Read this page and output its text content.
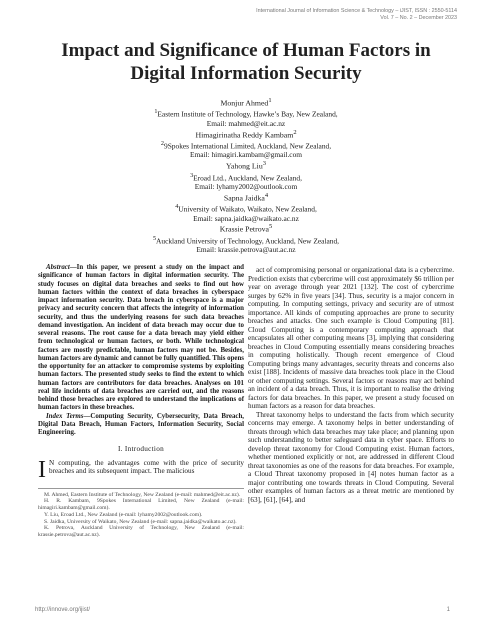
International Journal of Information Science & Technology – iJIST, ISSN : 2550-5114
Vol. 7 – No. 2 – December 2023
Impact and Significance of Human Factors in Digital Information Security
Monjur Ahmed$^1$
$^1$Eastern Institute of Technology, Hawke’s Bay, New Zealand,
Email: mahmed@eit.ac.nz
Himagirinatha Reddy Kambam$^2$
$^2$9Spokes International Limited, Auckland, New Zealand,
Email: himagiri.kambam@gmail.com
Yahong Liu$^3$
$^3$Eroad Ltd., Auckland, New Zealand,
Email: lyhamy2002@outlook.com
Sapna Jaidka$^4$
$^4$University of Waikato, Waikato, New Zealand,
Email: sapna.jaidka@waikato.ac.nz
Krassie Petrova$^5$
$^5$Auckland University of Technology, Auckland, New Zealand,
Email: krassie.petrova@aut.ac.nz
Abstract—In this paper, we present a study on the impact and significance of human factors in digital information security. The study focuses on digital data breaches and seeks to find out how human factors within the context of data breaches in cyberspace impact information security. Data breach in cyberspace is a major privacy and security concern that affects the integrity of information security, and thus the underlying reasons for such data breaches demand investigation. An incident of data breach may occur due to several reasons. The root cause for a data breach may yield either from technological or human factors, or both. While technological factors are mostly predictable, human factors may not be. Besides, human factors are dynamic and cannot be fully quantified. This opens the opportunity for an attacker to compromise systems by exploiting human factors. The presented study seeks to find the extent to which human factors are contributors for data breaches. Analyses on 101 real life incidents of data breaches are carried out, and the reasons behind those breaches are explored to understand the implications of human factors in these breaches.
Index Terms—Computing Security, Cybersecurity, Data Breach, Digital Data Breach, Human Factors, Information Security, Social Engineering.
I. Introduction
I N computing, the advantages come with the price of security breaches and its subsequent impact. The malicious

M. Ahmed, Eastern Institute of Technology, New Zealand (e-mail: mahmed@eit.ac.nz).

H. R. Kambam, 9Spokes International Limited, New Zealand (e-mail: himagiri.kambam@gmail.com).

Y. Liu, Eroad Ltd., New Zealand (e-mail: lyhamy2002@outlook.com).

S. Jaidka, University of Waikato, New Zealand (e-mail: sapna.jaidka@waikato.ac.nz).

K. Petrova, Auckland University of Technology, New Zealand (e-mail: krassie.petrova@aut.ac.nz).

act of compromising personal or organizational data is a cybercrime. Prediction exists that cybercrime will cost approximately $6 trillion per year on average through year 2021 [132]. The cost of cybercrime surges by 62% in five years [34]. Thus, security is a major concern in computing. In computing settings, privacy and security are of utmost importance. All kinds of computing approaches are prone to security breaches and attacks. One such example is Cloud Computing [81]. Cloud Computing is a contemporary computing approach that encapsulates all other computing means [3], implying that considering breaches in Cloud Computing essentially means considering breaches in computing holistically. Though recent emergence of Cloud Computing brings many advantages, security threats and concerns also exist [188]. Incidents of massive data breaches took place in the Cloud or other computing settings. Several factors or reasons may act behind an incident of a data breach. Thus, it is important to realise the driving factors for data breaches. In this paper, we present a study focused on human factors as a reason for data breaches.

Threat taxonomy helps to understand the facts from which security concerns may emerge. A taxonomy helps in better understanding of threats through which data breaches may take place; and planning upon such understanding to better safeguard data in cyber space. Efforts to develop threat taxonomy for Cloud Computing exist. Human factors, whether mentioned explicitly or not, are addressed in different Cloud threat taxonomies as one of the reasons for data breaches. For example, a Cloud Threat taxonomy proposed in [4] notes human factor as a major contributing one towards threats in Cloud Computing. Several other examples of human factors as a threat metric are mentioned by [63], [61], [64], and

http://innove.org/ijist/	1
